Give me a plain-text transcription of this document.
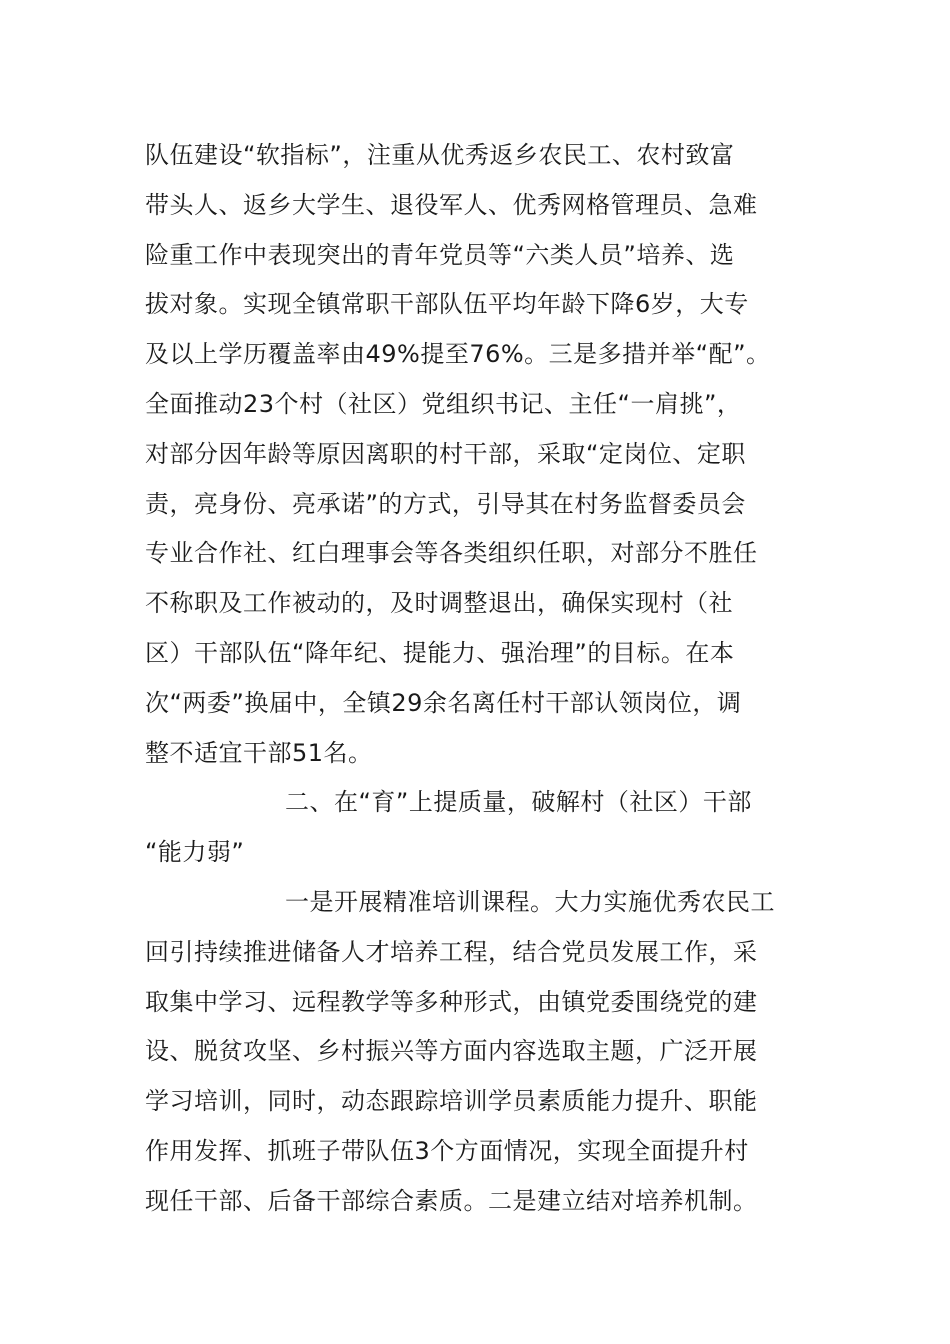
队伍建设“软指标”，注重从优秀返乡农民工、农村致富
带头人、返乡大学生、退役军人、优秀网格管理员、急难
险重工作中表现突出的青年党员等“六类人员”培养、选
拔对象。实现全镇常职干部队伍平均年龄下降6岁，大专
及以上学历覆盖率由49%提至76%。三是多措并举“配”。
全面推动23个村（社区）党组织书记、主任“一肩挑”，
对部分因年龄等原因离职的村干部，采取“定岗位、定职
责，亮身份、亮承诺”的方式，引导其在村务监督委员会
专业合作社、红白理事会等各类组织任职，对部分不胜任
不称职及工作被动的，及时调整退出，确保实现村（社
区）干部队伍“降年纪、提能力、强治理”的目标。在本
次“两委”换届中，全镇29余名离任村干部认领岗位，调
整不适宜干部51名。
二、在“育”上提质量，破解村（社区）干部
“能力弱”
一是开展精准培训课程。大力实施优秀农民工
回引持续推进储备人才培养工程，结合党员发展工作，采
取集中学习、远程教学等多种形式，由镇党委围绕党的建
设、脱贫攻坚、乡村振兴等方面内容选取主题，广泛开展
学习培训，同时，动态跟踪培训学员素质能力提升、职能
作用发挥、抓班子带队伍3个方面情况，实现全面提升村
现任干部、后备干部综合素质。二是建立结对培养机制。
